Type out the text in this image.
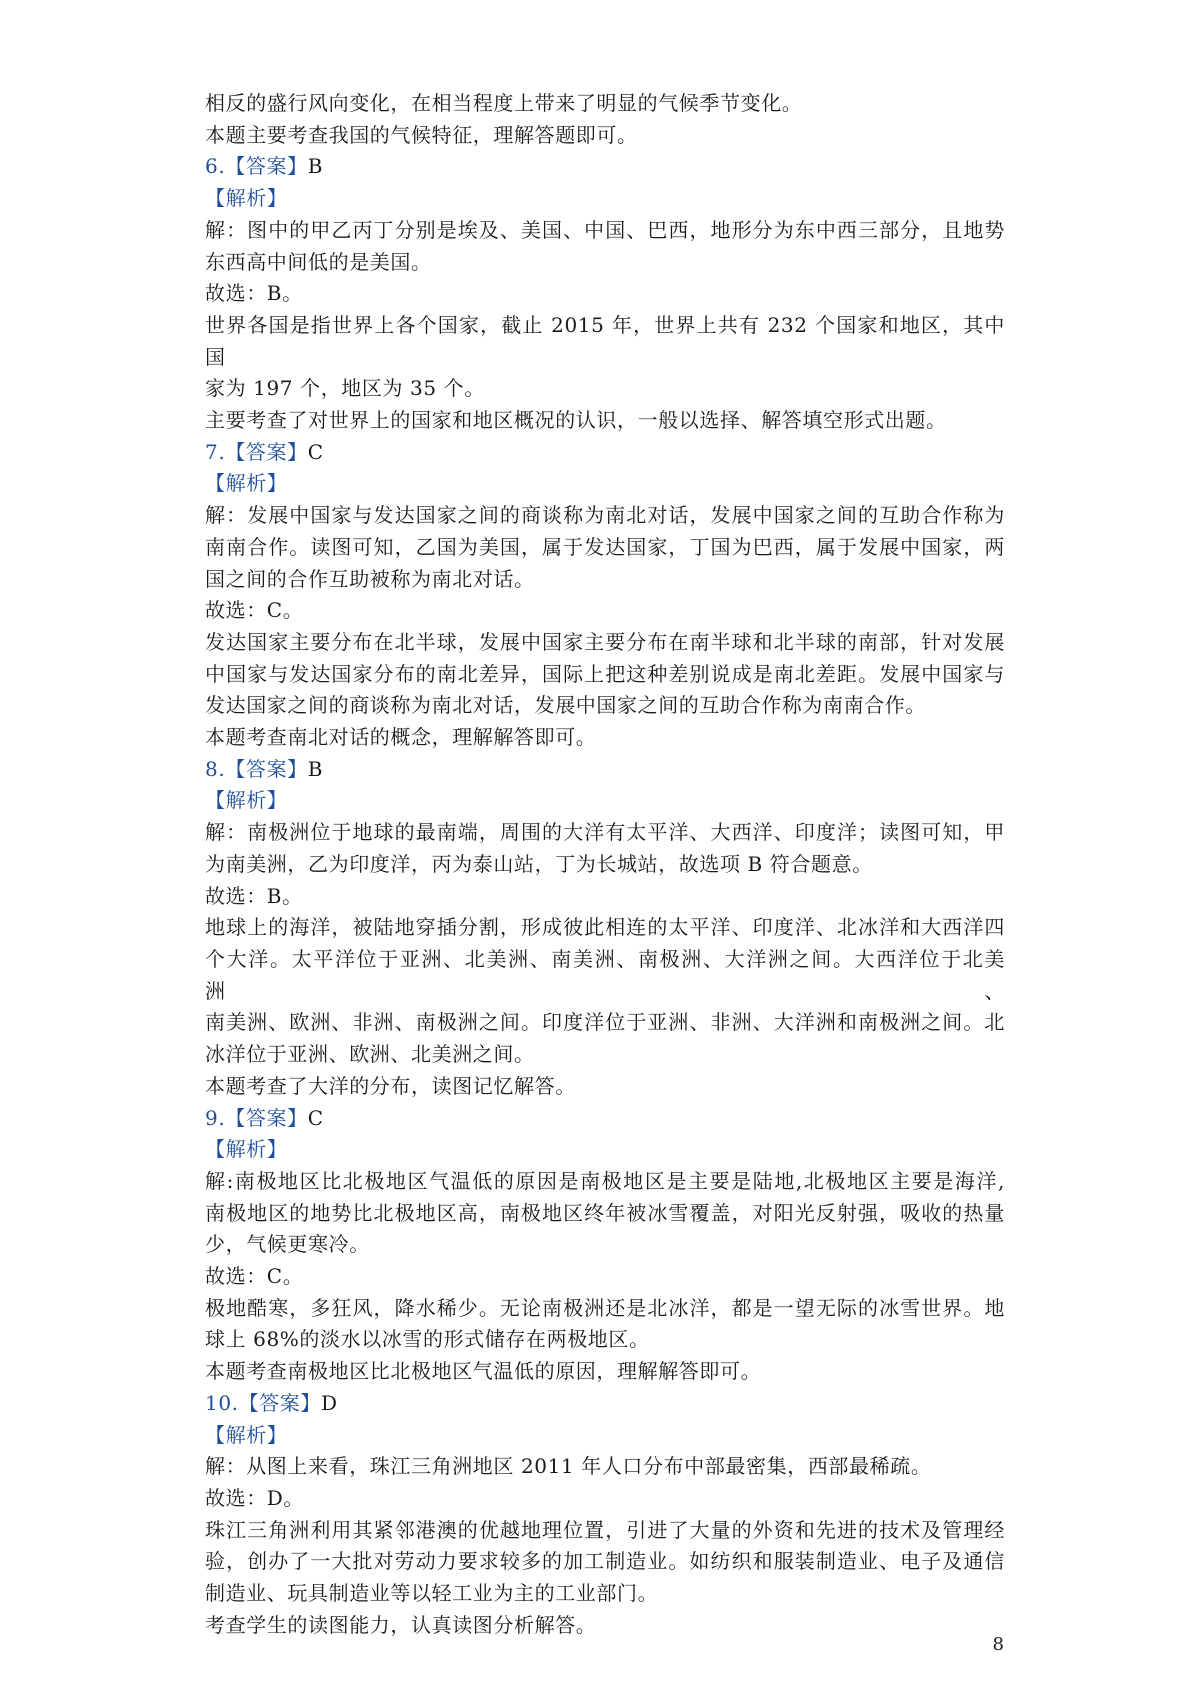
相反的盛行风向变化，在相当程度上带来了明显的气候季节变化。
本题主要考查我国的气候特征，理解答题即可。
6.【答案】B
【解析】
解：图中的甲乙丙丁分别是埃及、美国、中国、巴西，地形分为东中西三部分，且地势
东西高中间低的是美国。
故选：B。
世界各国是指世界上各个国家，截止 2015 年，世界上共有 232 个国家和地区，其中国
家为 197 个，地区为 35 个。
主要考查了对世界上的国家和地区概况的认识，一般以选择、解答填空形式出题。
7.【答案】C
【解析】
解：发展中国家与发达国家之间的商谈称为南北对话，发展中国家之间的互助合作称为
南南合作。读图可知，乙国为美国，属于发达国家，丁国为巴西，属于发展中国家，两
国之间的合作互助被称为南北对话。
故选：C。
发达国家主要分布在北半球，发展中国家主要分布在南半球和北半球的南部，针对发展
中国家与发达国家分布的南北差异，国际上把这种差别说成是南北差距。发展中国家与
发达国家之间的商谈称为南北对话，发展中国家之间的互助合作称为南南合作。
本题考查南北对话的概念，理解解答即可。
8.【答案】B
【解析】
解：南极洲位于地球的最南端，周围的大洋有太平洋、大西洋、印度洋；读图可知，甲
为南美洲，乙为印度洋，丙为泰山站，丁为长城站，故选项 B 符合题意。
故选：B。
地球上的海洋，被陆地穿插分割，形成彼此相连的太平洋、印度洋、北冰洋和大西洋四
个大洋。太平洋位于亚洲、北美洲、南美洲、南极洲、大洋洲之间。大西洋位于北美洲、
南美洲、欧洲、非洲、南极洲之间。印度洋位于亚洲、非洲、大洋洲和南极洲之间。北
冰洋位于亚洲、欧洲、北美洲之间。
本题考查了大洋的分布，读图记忆解答。
9.【答案】C
【解析】
解:南极地区比北极地区气温低的原因是南极地区是主要是陆地,北极地区主要是海洋,
南极地区的地势比北极地区高，南极地区终年被冰雪覆盖，对阳光反射强，吸收的热量
少，气候更寒冷。
故选：C。
极地酷寒，多狂风，降水稀少。无论南极洲还是北冰洋，都是一望无际的冰雪世界。地
球上 68%的淡水以冰雪的形式储存在两极地区。
本题考查南极地区比北极地区气温低的原因，理解解答即可。
10.【答案】D
【解析】
解：从图上来看，珠江三角洲地区 2011 年人口分布中部最密集，西部最稀疏。
故选：D。
珠江三角洲利用其紧邻港澳的优越地理位置，引进了大量的外资和先进的技术及管理经
验，创办了一大批对劳动力要求较多的加工制造业。如纺织和服装制造业、电子及通信
制造业、玩具制造业等以轻工业为主的工业部门。
考查学生的读图能力，认真读图分析解答。
8
